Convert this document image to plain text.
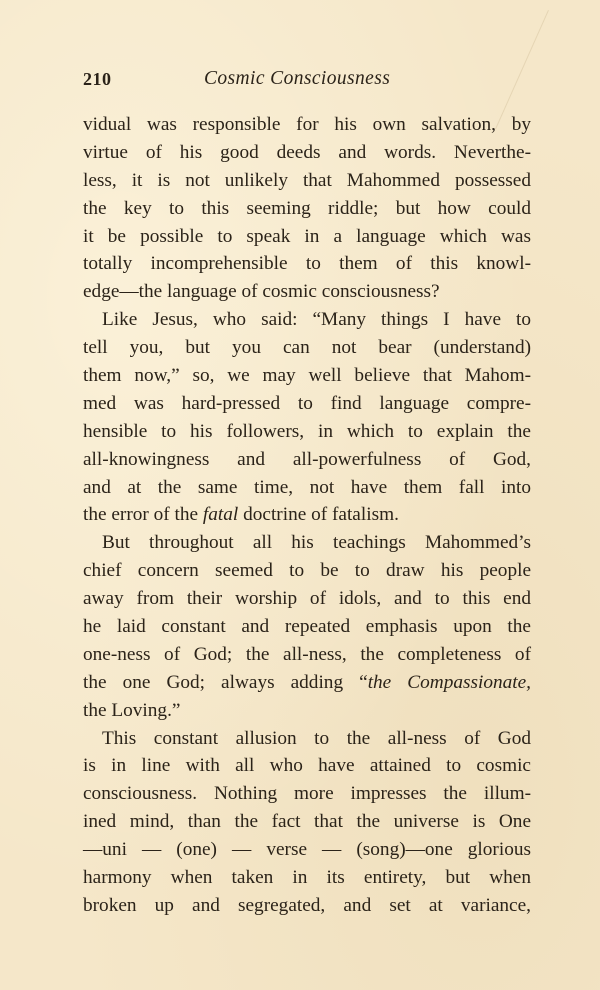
210	Cosmic Consciousness
vidual was responsible for his own salvation, by
virtue of his good deeds and words. Neverthe-
less, it is not unlikely that Mahommed possessed
the key to this seeming riddle; but how could
it be possible to speak in a language which was
totally incomprehensible to them of this knowl-
edge—the language of cosmic consciousness?
Like Jesus, who said: “Many things I have to
tell you, but you can not bear (understand)
them now,” so, we may well believe that Mahom-
med was hard-pressed to find language compre-
hensible to his followers, in which to explain the
all-knowingness and all-powerfulness of God,
and at the same time, not have them fall into
the error of the fatal doctrine of fatalism.
But throughout all his teachings Mahommed’s
chief concern seemed to be to draw his people
away from their worship of idols, and to this end
he laid constant and repeated emphasis upon the
one-ness of God; the all-ness, the completeness of
the one God; always adding “the Compassionate,
the Loving.”
This constant allusion to the all-ness of God
is in line with all who have attained to cosmic
consciousness. Nothing more impresses the illum-
ined mind, than the fact that the universe is One
—uni — (one) — verse — (song)—one glorious
harmony when taken in its entirety, but when
broken up and segregated, and set at variance,
